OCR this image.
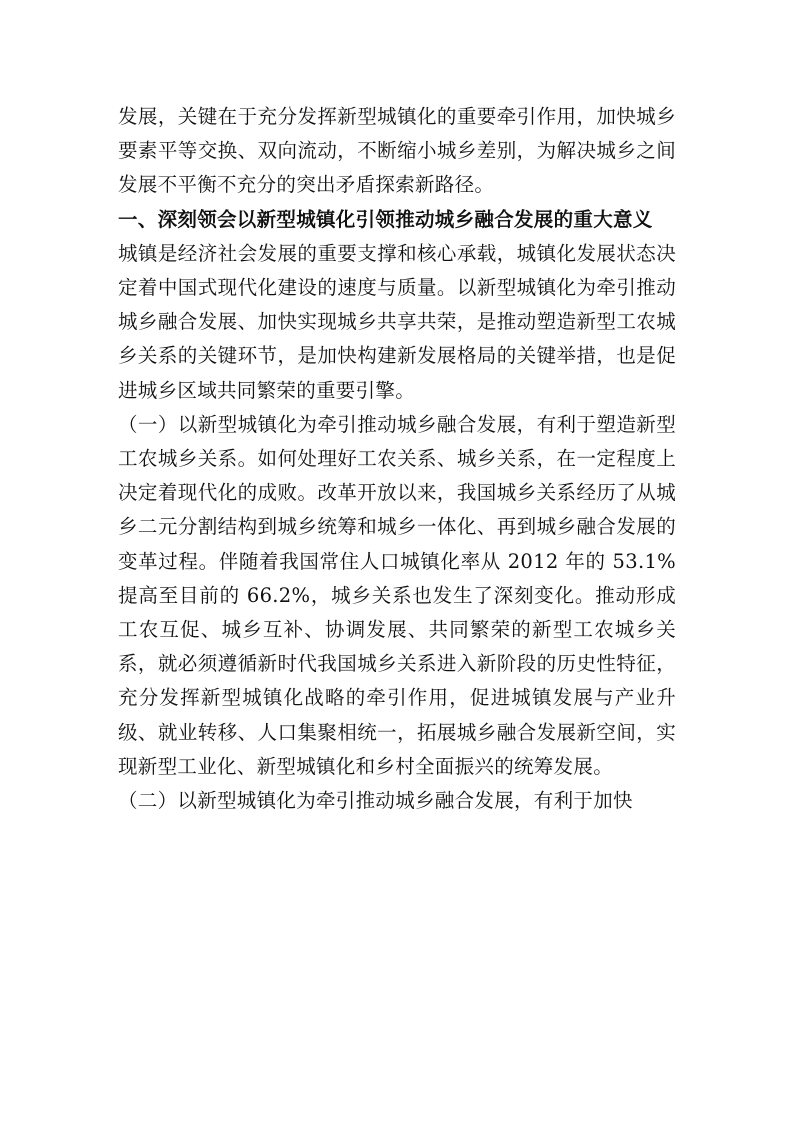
发展，关键在于充分发挥新型城镇化的重要牵引作用，加快城乡要素平等交换、双向流动，不断缩小城乡差别，为解决城乡之间发展不平衡不充分的突出矛盾探索新路径。

一、深刻领会以新型城镇化引领推动城乡融合发展的重大意义

城镇是经济社会发展的重要支撑和核心承载，城镇化发展状态决定着中国式现代化建设的速度与质量。以新型城镇化为牵引推动城乡融合发展、加快实现城乡共享共荣，是推动塑造新型工农城乡关系的关键环节，是加快构建新发展格局的关键举措，也是促进城乡区域共同繁荣的重要引擎。

（一）以新型城镇化为牵引推动城乡融合发展，有利于塑造新型工农城乡关系。如何处理好工农关系、城乡关系，在一定程度上决定着现代化的成败。改革开放以来，我国城乡关系经历了从城乡二元分割结构到城乡统筹和城乡一体化、再到城乡融合发展的变革过程。伴随着我国常住人口城镇化率从 2012 年的 53.1%提高至目前的 66.2%，城乡关系也发生了深刻变化。推动形成工农互促、城乡互补、协调发展、共同繁荣的新型工农城乡关系，就必须遵循新时代我国城乡关系进入新阶段的历史性特征，充分发挥新型城镇化战略的牵引作用，促进城镇发展与产业升级、就业转移、人口集聚相统一，拓展城乡融合发展新空间，实现新型工业化、新型城镇化和乡村全面振兴的统筹发展。

（二）以新型城镇化为牵引推动城乡融合发展，有利于加快
